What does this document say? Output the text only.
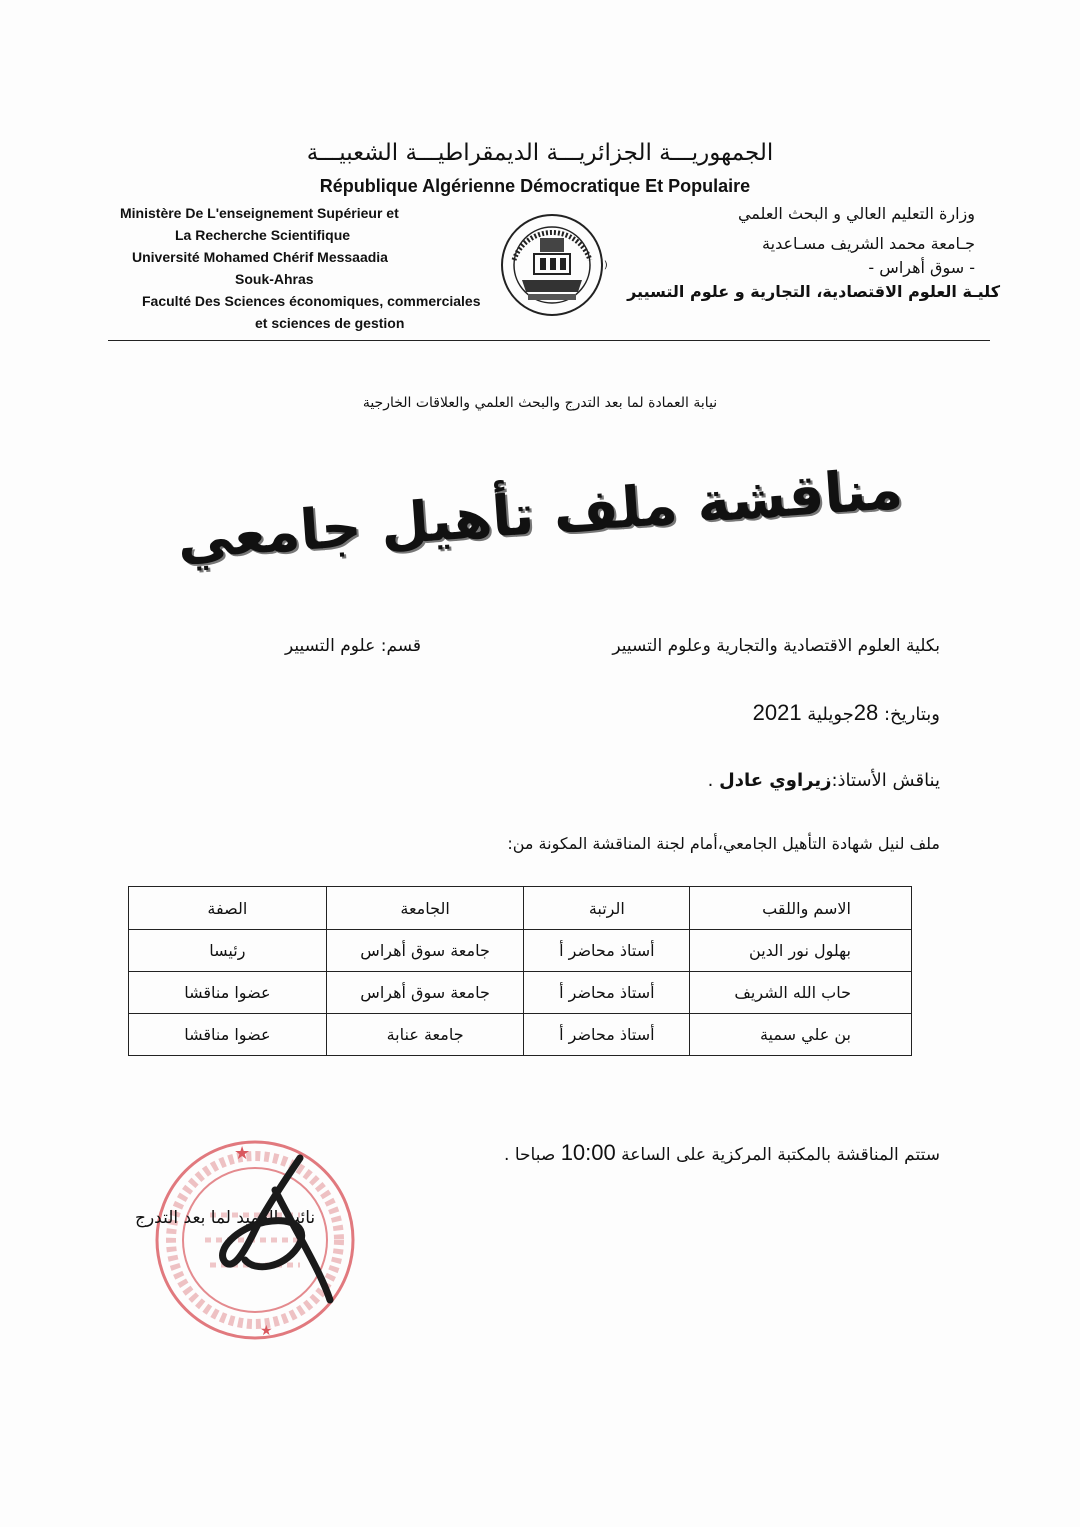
الجمهوريـــة الجزائريـــة الديمقراطيـــة الشعبيـــة
République Algérienne Démocratique Et Populaire
Ministère De L'enseignement Supérieur et
La Recherche Scientifique
Université Mohamed Chérif Messaadia
Souk-Ahras
Faculté Des Sciences économiques, commerciales
et sciences de gestion
))
وزارة التعليم العالي و البحث العلمي
جـامعة محمد الشريف مسـاعدية
- سوق أهراس -
كليـة العلوم الاقتصادية، التجارية و علوم التسيير
نيابة العمادة لما بعد التدرج والبحث العلمي والعلاقات الخارجية
مناقشة ملف تأهيل جامعي
بكلية العلوم الاقتصادية والتجارية وعلوم التسيير
قسم: علوم التسيير
وبتاريخ: 28جويلية 2021
يناقش الأستاذ:زيراوي عادل .
ملف لنيل شهادة التأهيل الجامعي،أمام لجنة المناقشة المكونة من:
الاسم واللقب	الرتبة	الجامعة	الصفة
بهلول نور الدين	أستاذ محاضر أ	جامعة سوق أهراس	رئيسا
حاب الله الشريف	أستاذ محاضر أ	جامعة سوق أهراس	عضوا مناقشا
بن علي سمية	أستاذ محاضر أ	جامعة عنابة	عضوا مناقشا
ستتم المناقشة بالمكتبة المركزية على الساعة 10:00 صباحا .
★
★
نائب العميد لما بعد التدرج
